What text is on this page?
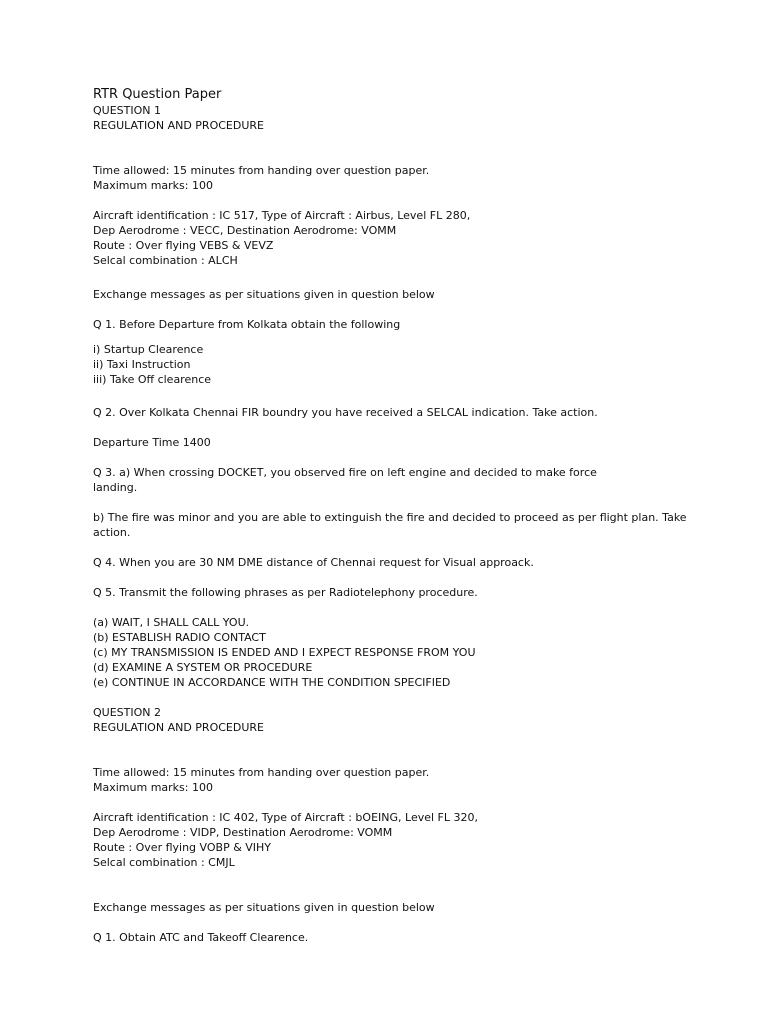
RTR Question Paper

QUESTION 1

REGULATION AND PROCEDURE

Time allowed: 15 minutes from handing over question paper.

Maximum marks: 100

Aircraft identification : IC 517, Type of Aircraft : Airbus, Level FL 280,

Dep Aerodrome : VECC, Destination Aerodrome: VOMM

Route : Over flying VEBS & VEVZ

Selcal combination : ALCH

Exchange messages as per situations given in question below

Q 1. Before Departure from Kolkata obtain the following

i) Startup Clearence

ii) Taxi Instruction

iii) Take Off clearence

Q 2. Over Kolkata Chennai FIR boundry you have received a SELCAL indication. Take action.

Departure Time 1400

Q 3. a) When crossing DOCKET, you observed fire on left engine and decided to make force

landing.

b) The fire was minor and you are able to extinguish the fire and decided to proceed as per flight plan. Take

action.

Q 4. When you are 30 NM DME distance of Chennai request for Visual approack.

Q 5. Transmit the following phrases as per Radiotelephony procedure.

(a) WAIT, I SHALL CALL YOU.

(b) ESTABLISH RADIO CONTACT

(c) MY TRANSMISSION IS ENDED AND I EXPECT RESPONSE FROM YOU

(d) EXAMINE A SYSTEM OR PROCEDURE

(e) CONTINUE IN ACCORDANCE WITH THE CONDITION SPECIFIED

QUESTION 2

REGULATION AND PROCEDURE

Time allowed: 15 minutes from handing over question paper.

Maximum marks: 100

Aircraft identification : IC 402, Type of Aircraft : bOEING, Level FL 320,

Dep Aerodrome : VIDP, Destination Aerodrome: VOMM

Route : Over flying VOBP & VIHY

Selcal combination : CMJL

Exchange messages as per situations given in question below

Q 1. Obtain ATC and Takeoff Clearence.
